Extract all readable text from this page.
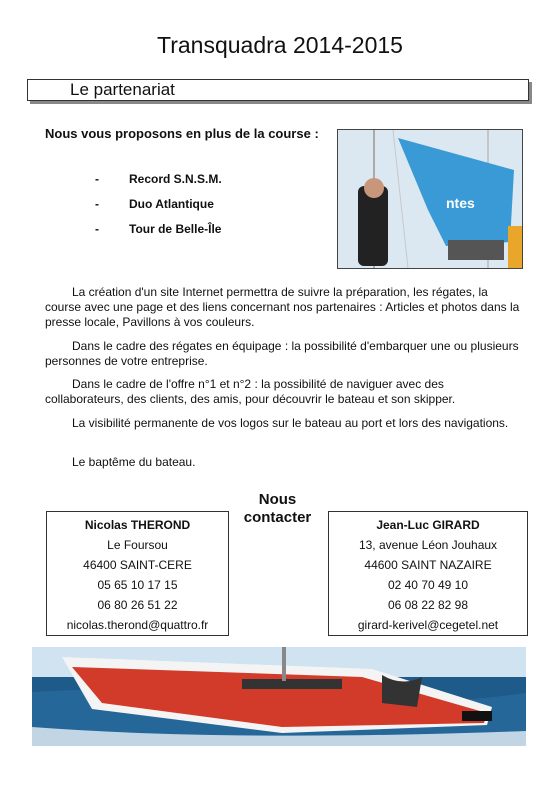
Transquadra 2014-2015
Le partenariat
Nous vous proposons en plus de la course :
-	Record S.N.S.M.
-	Duo Atlantique
-	Tour de Belle-Île
ntes
La création d'un site Internet permettra de suivre la préparation, les régates, la course avec une page et des liens concernant nos partenaires : Articles et photos dans la presse locale, Pavillons à vos couleurs.
Dans le cadre des régates en équipage : la possibilité d'embarquer une ou plusieurs personnes de votre entreprise.
Dans le cadre de l'offre n°1 et n°2 : la possibilité de naviguer avec des collaborateurs, des clients, des amis, pour découvrir le bateau et son skipper.
La visibilité permanente de vos logos sur le bateau au port et lors des navigations.
Le baptême du bateau.
Nous contacter
Nicolas THEROND
Le Foursou
46400 SAINT-CERE
05 65 10 17 15
06 80 26 51 22
nicolas.therond@quattro.fr
Jean-Luc GIRARD
13, avenue Léon Jouhaux
44600 SAINT NAZAIRE
02 40 70 49 10
06 08 22 82 98
girard-kerivel@cegetel.net
